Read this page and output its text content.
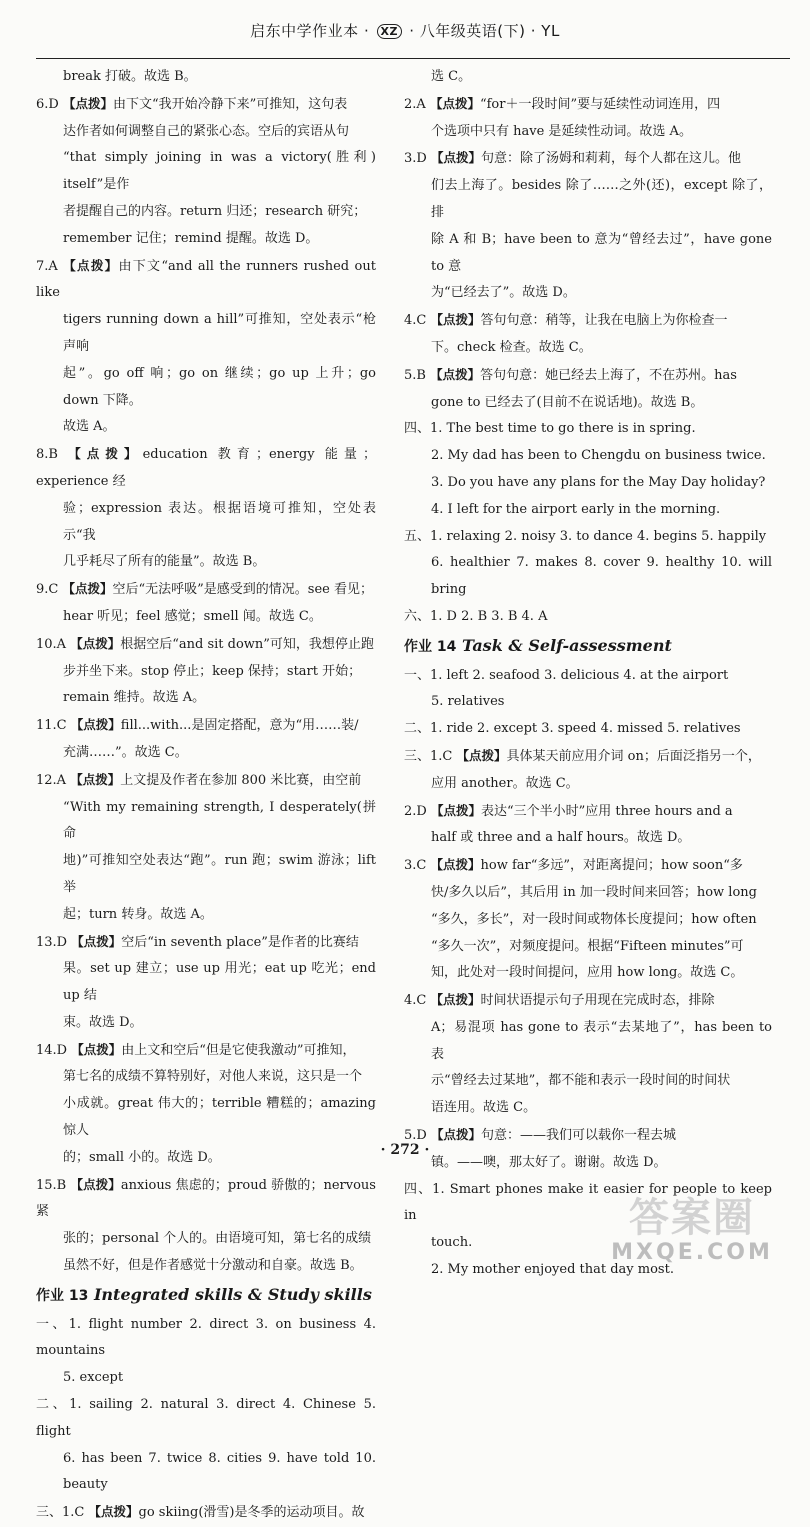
启东中学作业本 · XZ · 八年级英语(下) · YL
break 打破。故选 B。
6.D 【点拨】由下文“我开始冷静下来”可推知，这句表
达作者如何调整自己的紧张心态。空后的宾语从句
“that simply joining in was a victory(胜利) itself”是作
者提醒自己的内容。return 归还；research 研究；
remember 记住；remind 提醒。故选 D。
7.A 【点拨】由下文“and all the runners rushed out like
tigers running down a hill”可推知，空处表示“枪声响
起”。go off 响；go on 继续；go up 上升；go down 下降。
故选 A。
8.B 【点拨】education 教育；energy 能量；experience 经
验；expression 表达。根据语境可推知，空处表示“我
几乎耗尽了所有的能量”。故选 B。
9.C 【点拨】空后“无法呼吸”是感受到的情况。see 看见；
hear 听见；feel 感觉；smell 闻。故选 C。
10.A 【点拨】根据空后“and sit down”可知，我想停止跑
步并坐下来。stop 停止；keep 保持；start 开始；
remain 维持。故选 A。
11.C 【点拨】fill...with...是固定搭配，意为“用……装/
充满……”。故选 C。
12.A 【点拨】上文提及作者在参加 800 米比赛，由空前
“With my remaining strength, I desperately(拼命
地)”可推知空处表达“跑”。run 跑；swim 游泳；lift 举
起；turn 转身。故选 A。
13.D 【点拨】空后“in seventh place”是作者的比赛结
果。set up 建立；use up 用光；eat up 吃光；end up 结
束。故选 D。
14.D 【点拨】由上文和空后“但是它使我激动”可推知，
第七名的成绩不算特别好，对他人来说，这只是一个
小成就。great 伟大的；terrible 糟糕的；amazing 惊人
的；small 小的。故选 D。
15.B 【点拨】anxious 焦虑的；proud 骄傲的；nervous 紧
张的；personal 个人的。由语境可知，第七名的成绩
虽然不好，但是作者感觉十分激动和自豪。故选 B。
作业 13 Integrated skills & Study skills
一、1. flight number 2. direct 3. on business 4. mountains
5. except
二、1. sailing 2. natural 3. direct 4. Chinese 5. flight
6. has been 7. twice 8. cities 9. have told 10. beauty
三、1.C 【点拨】go skiing(滑雪)是冬季的运动项目。故
选 C。
2.A 【点拨】“for＋一段时间”要与延续性动词连用，四
个选项中只有 have 是延续性动词。故选 A。
3.D 【点拨】句意：除了汤姆和莉莉，每个人都在这儿。他
们去上海了。besides 除了……之外(还)，except 除了，排
除 A 和 B；have been to 意为“曾经去过”，have gone to 意
为“已经去了”。故选 D。
4.C 【点拨】答句句意：稍等，让我在电脑上为你检查一
下。check 检查。故选 C。
5.B 【点拨】答句句意：她已经去上海了，不在苏州。has
gone to 已经去了(目前不在说话地)。故选 B。
四、1. The best time to go there is in spring.
2. My dad has been to Chengdu on business twice.
3. Do you have any plans for the May Day holiday?
4. I left for the airport early in the morning.
五、1. relaxing 2. noisy 3. to dance 4. begins 5. happily
6. healthier 7. makes 8. cover 9. healthy 10. will bring
六、1. D 2. B 3. B 4. A
作业 14 Task & Self-assessment
一、1. left 2. seafood 3. delicious 4. at the airport
5. relatives
二、1. ride 2. except 3. speed 4. missed 5. relatives
三、1.C 【点拨】具体某天前应用介词 on；后面泛指另一个，
应用 another。故选 C。
2.D 【点拨】表达“三个半小时”应用 three hours and a
half 或 three and a half hours。故选 D。
3.C 【点拨】how far“多远”，对距离提问；how soon“多
快/多久以后”，其后用 in 加一段时间来回答；how long
“多久，多长”，对一段时间或物体长度提问；how often
“多久一次”，对频度提问。根据“Fifteen minutes”可
知，此处对一段时间提问，应用 how long。故选 C。
4.C 【点拨】时间状语提示句子用现在完成时态，排除
A；易混项 has gone to 表示“去某地了”，has been to 表
示“曾经去过某地”，都不能和表示一段时间的时间状
语连用。故选 C。
5.D 【点拨】句意：——我们可以载你一程去城
镇。——噢，那太好了。谢谢。故选 D。
四、1. Smart phones make it easier for people to keep in
touch.
2. My mother enjoyed that day most.
· 272 ·
答案圈
MXQE.COM
